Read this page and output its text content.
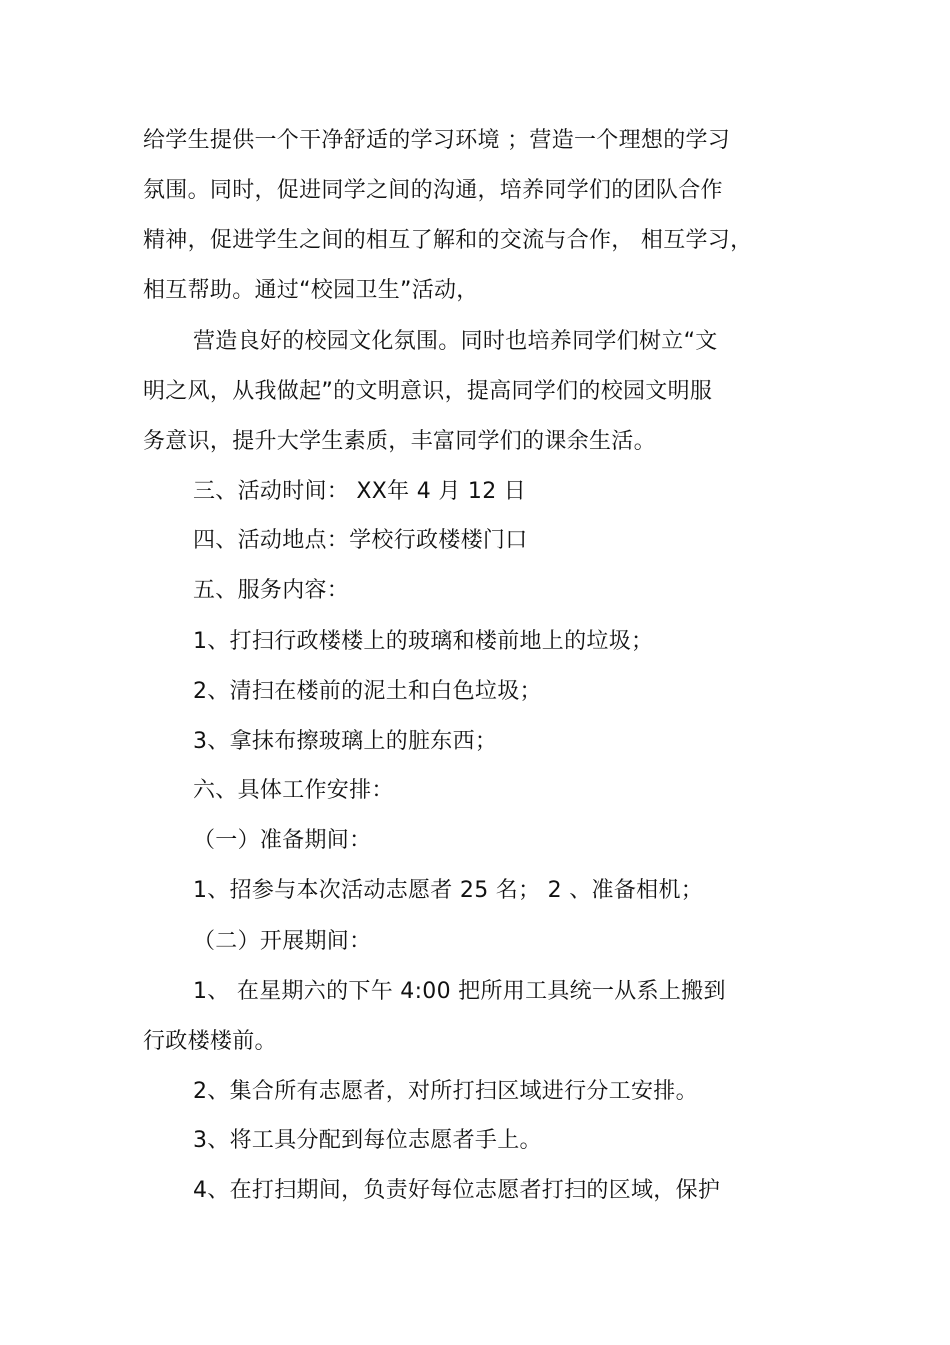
给学生提供一个干净舒适的学习环境 ；营造一个理想的学习
氛围。同时，促进同学之间的沟通，培养同学们的团队合作
精神，促进学生之间的相互了解和的交流与合作， 相互学习，
相互帮助。通过“校园卫生”活动，
营造良好的校园文化氛围。同时也培养同学们树立“文
明之风，从我做起”的文明意识，提高同学们的校园文明服
务意识，提升大学生素质，丰富同学们的课余生活。
三、活动时间： XX年 4 月 12 日
四、活动地点：学校行政楼楼门口
五、服务内容：
1、打扫行政楼楼上的玻璃和楼前地上的垃圾；
2、清扫在楼前的泥土和白色垃圾；
3、拿抹布擦玻璃上的脏东西；
六、具体工作安排：
（一）准备期间：
1、招参与本次活动志愿者 25 名； 2 、准备相机；
（二）开展期间：
1、 在星期六的下午 4:00 把所用工具统一从系上搬到
行政楼楼前。
2、集合所有志愿者，对所打扫区域进行分工安排。
3、将工具分配到每位志愿者手上。
4、在打扫期间，负责好每位志愿者打扫的区域，保护
